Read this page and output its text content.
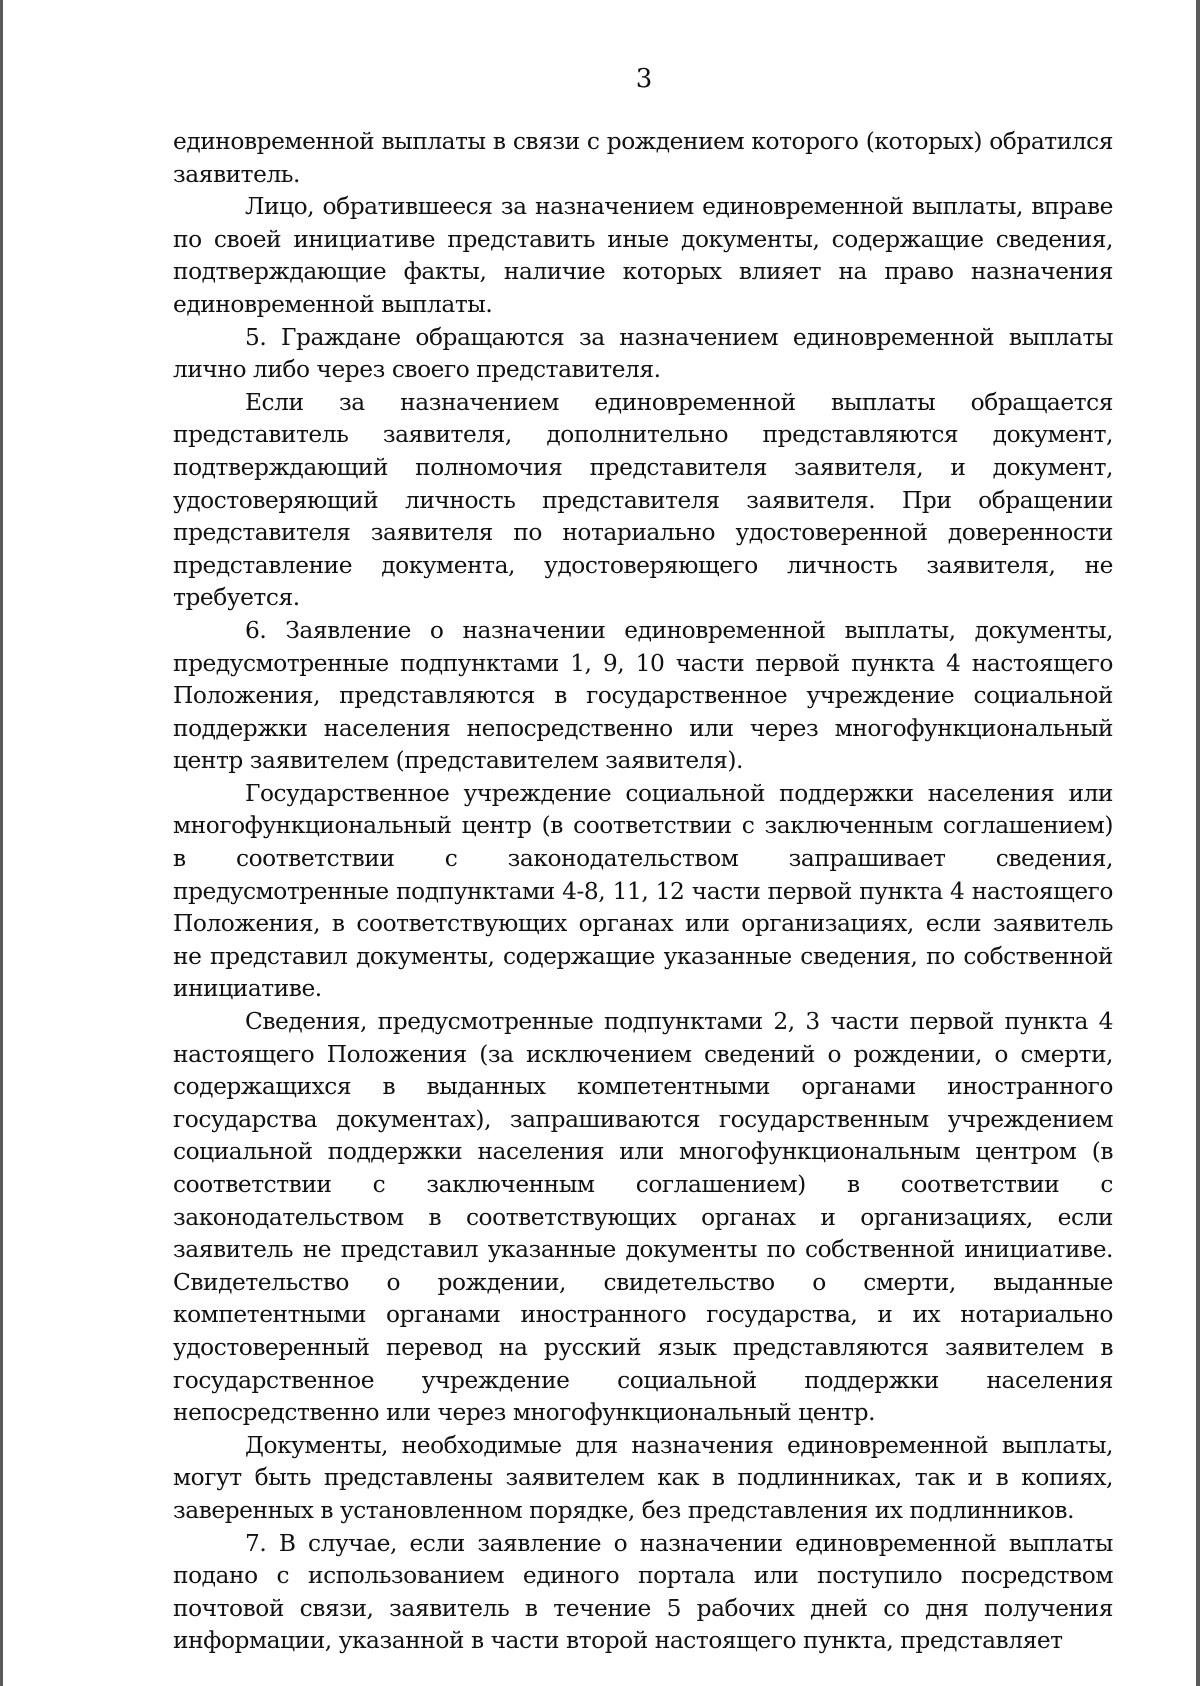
3

единовременной выплаты в связи с рождением которого (которых) обратился заявитель.

Лицо, обратившееся за назначением единовременной выплаты, вправе по своей инициативе представить иные документы, содержащие сведения, подтверждающие факты, наличие которых влияет на право назначения единовременной выплаты.

5. Граждане обращаются за назначением единовременной выплаты лично либо через своего представителя.

Если за назначением единовременной выплаты обращается представитель заявителя, дополнительно представляются документ, подтверждающий полномочия представителя заявителя, и документ, удостоверяющий личность представителя заявителя. При обращении представителя заявителя по нотариально удостоверенной доверенности представление документа, удостоверяющего личность заявителя, не требуется.

6. Заявление о назначении единовременной выплаты, документы, предусмотренные подпунктами 1, 9, 10 части первой пункта 4 настоящего Положения, представляются в государственное учреждение социальной поддержки населения непосредственно или через многофункциональный центр заявителем (представителем заявителя).

Государственное учреждение социальной поддержки населения или многофункциональный центр (в соответствии с заключенным соглашением) в соответствии с законодательством запрашивает сведения, предусмотренные подпунктами 4-8, 11, 12 части первой пункта 4 настоящего Положения, в соответствующих органах или организациях, если заявитель не представил документы, содержащие указанные сведения, по собственной инициативе.

Сведения, предусмотренные подпунктами 2, 3 части первой пункта 4 настоящего Положения (за исключением сведений о рождении, о смерти, содержащихся в выданных компетентными органами иностранного государства документах), запрашиваются государственным учреждением социальной поддержки населения или многофункциональным центром (в соответствии с заключенным соглашением) в соответствии с законодательством в соответствующих органах и организациях, если заявитель не представил указанные документы по собственной инициативе. Свидетельство о рождении, свидетельство о смерти, выданные компетентными органами иностранного государства, и их нотариально удостоверенный перевод на русский язык представляются заявителем в государственное учреждение социальной поддержки населения непосредственно или через многофункциональный центр.

Документы, необходимые для назначения единовременной выплаты, могут быть представлены заявителем как в подлинниках, так и в копиях, заверенных в установленном порядке, без представления их подлинников.

7. В случае, если заявление о назначении единовременной выплаты подано с использованием единого портала или поступило посредством почтовой связи, заявитель в течение 5 рабочих дней со дня получения информации, указанной в части второй настоящего пункта, представляет
